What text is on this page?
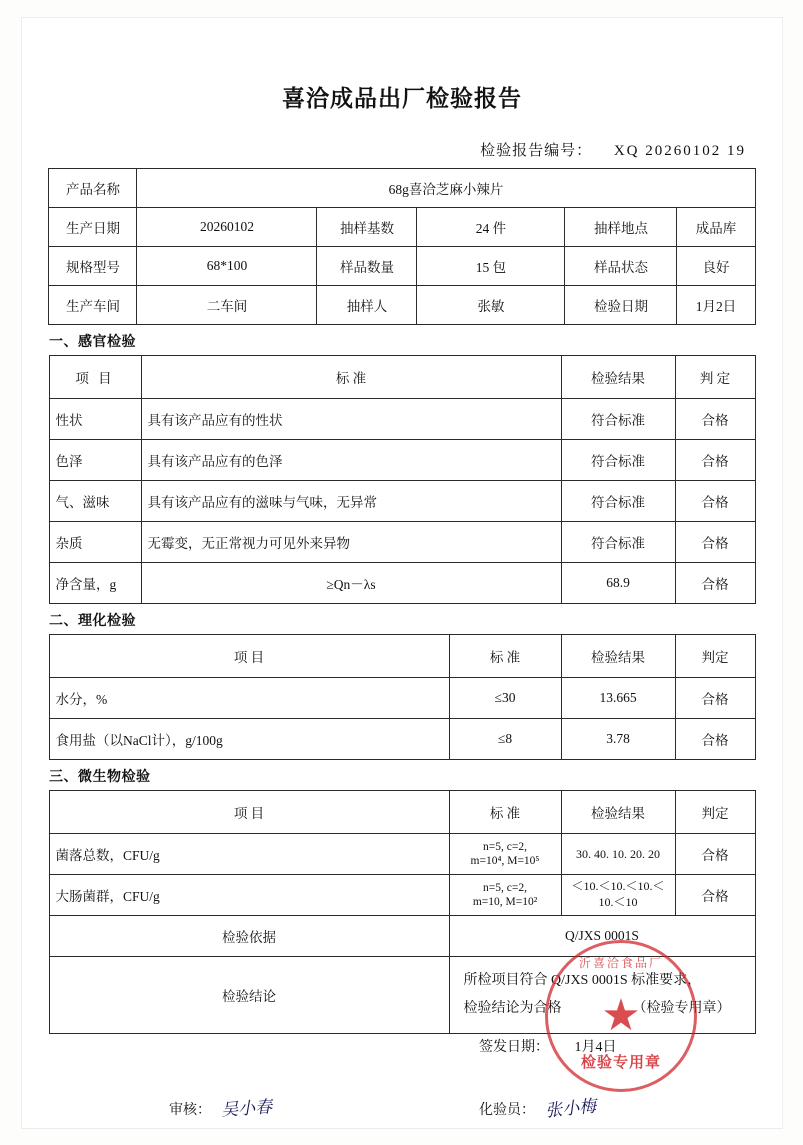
喜洽成品出厂检验报告
检验报告编号： XQ 20260102 19
产品名称	68g喜洽芝麻小辣片				
生产日期	20260102	抽样基数	24 件	抽样地点	成品库
规格型号	68*100	样品数量	15 包	样品状态	良好
生产车间	二车间	抽样人	张敏	检验日期	1月2日
一、感官检验
项 目	标 准	检验结果	判 定
性状	具有该产品应有的性状	符合标准	合格
色泽	具有该产品应有的色泽	符合标准	合格
气、滋味	具有该产品应有的滋味与气味，无异常	符合标准	合格
杂质	无霉变，无正常视力可见外来异物	符合标准	合格
净含量，g	≥Qn－λs	68.9	合格
二、理化检验
项 目	标 准	检验结果	判定
水分，%	≤30	13.665	合格
食用盐（以NaCl计），g/100g	≤8	3.78	合格
三、微生物检验
项 目	标 准	检验结果	判定
菌落总数，CFU/g	n=5, c=2,
m=10⁴, M=10⁵	30. 40. 10. 20. 20	合格
大肠菌群，CFU/g	n=5, c=2,
m=10, M=10²	＜10.＜10.＜10.＜10.＜10	合格
检验依据	Q/JXS 0001S		
检验结论	所检项目符合 Q/JXS 0001S 标准要求，
检验结论为合格 （检验专用章）		
签发日期： 1月4日
审核： 吴小春	化验员： 张小梅
沂喜洽食品厂
检验专用章
